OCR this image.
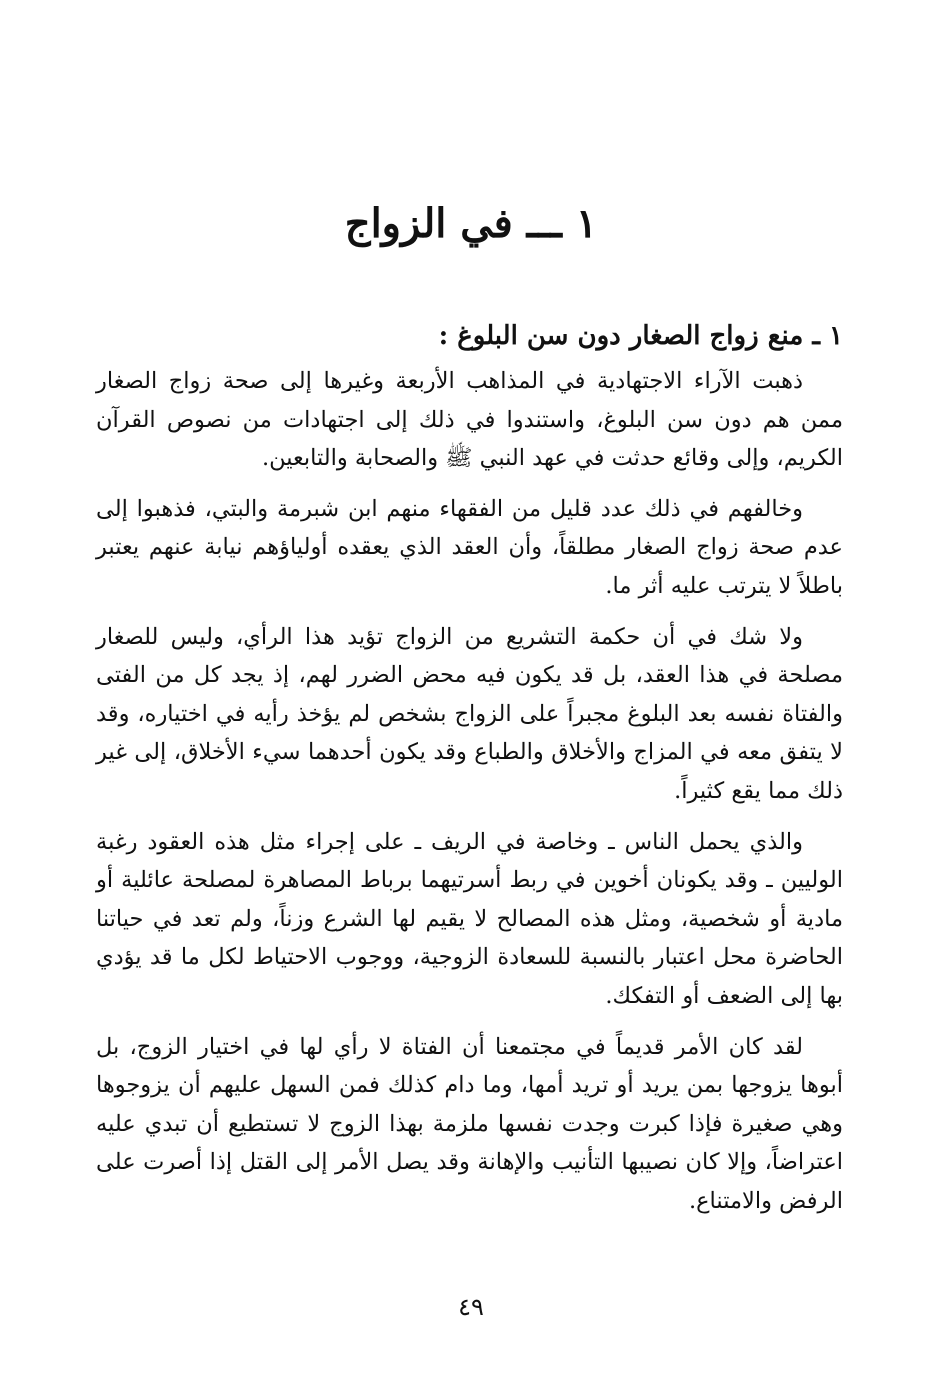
١ ـــ في الزواج
١ ـ منع زواج الصغار دون سن البلوغ :

ذهبت الآراء الاجتهادية في المذاهب الأربعة وغيرها إلى صحة زواج الصغار ممن هم دون سن البلوغ، واستندوا في ذلك إلى اجتهادات من نصوص القرآن الكريم، وإلى وقائع حدثت في عهد النبي ﷺ والصحابة والتابعين.

وخالفهم في ذلك عدد قليل من الفقهاء منهم ابن شبرمة والبتي، فذهبوا إلى عدم صحة زواج الصغار مطلقاً، وأن العقد الذي يعقده أولياؤهم نيابة عنهم يعتبر باطلاً لا يترتب عليه أثر ما.

ولا شك في أن حكمة التشريع من الزواج تؤيد هذا الرأي، وليس للصغار مصلحة في هذا العقد، بل قد يكون فيه محض الضرر لهم، إذ يجد كل من الفتى والفتاة نفسه بعد البلوغ مجبراً على الزواج بشخص لم يؤخذ رأيه في اختياره، وقد لا يتفق معه في المزاج والأخلاق والطباع وقد يكون أحدهما سيء الأخلاق، إلى غير ذلك مما يقع كثيراً.

والذي يحمل الناس ـ وخاصة في الريف ـ على إجراء مثل هذه العقود رغبة الوليين ـ وقد يكونان أخوين في ربط أسرتيهما برباط المصاهرة لمصلحة عائلية أو مادية أو شخصية، ومثل هذه المصالح لا يقيم لها الشرع وزناً، ولم تعد في حياتنا الحاضرة محل اعتبار بالنسبة للسعادة الزوجية، ووجوب الاحتياط لكل ما قد يؤدي بها إلى الضعف أو التفكك.

لقد كان الأمر قديماً في مجتمعنا أن الفتاة لا رأي لها في اختيار الزوج، بل أبوها يزوجها بمن يريد أو تريد أمها، وما دام كذلك فمن السهل عليهم أن يزوجوها وهي صغيرة فإذا كبرت وجدت نفسها ملزمة بهذا الزوج لا تستطيع أن تبدي عليه اعتراضاً، وإلا كان نصيبها التأنيب والإهانة وقد يصل الأمر إلى القتل إذا أصرت على الرفض والامتناع.

٤٩
